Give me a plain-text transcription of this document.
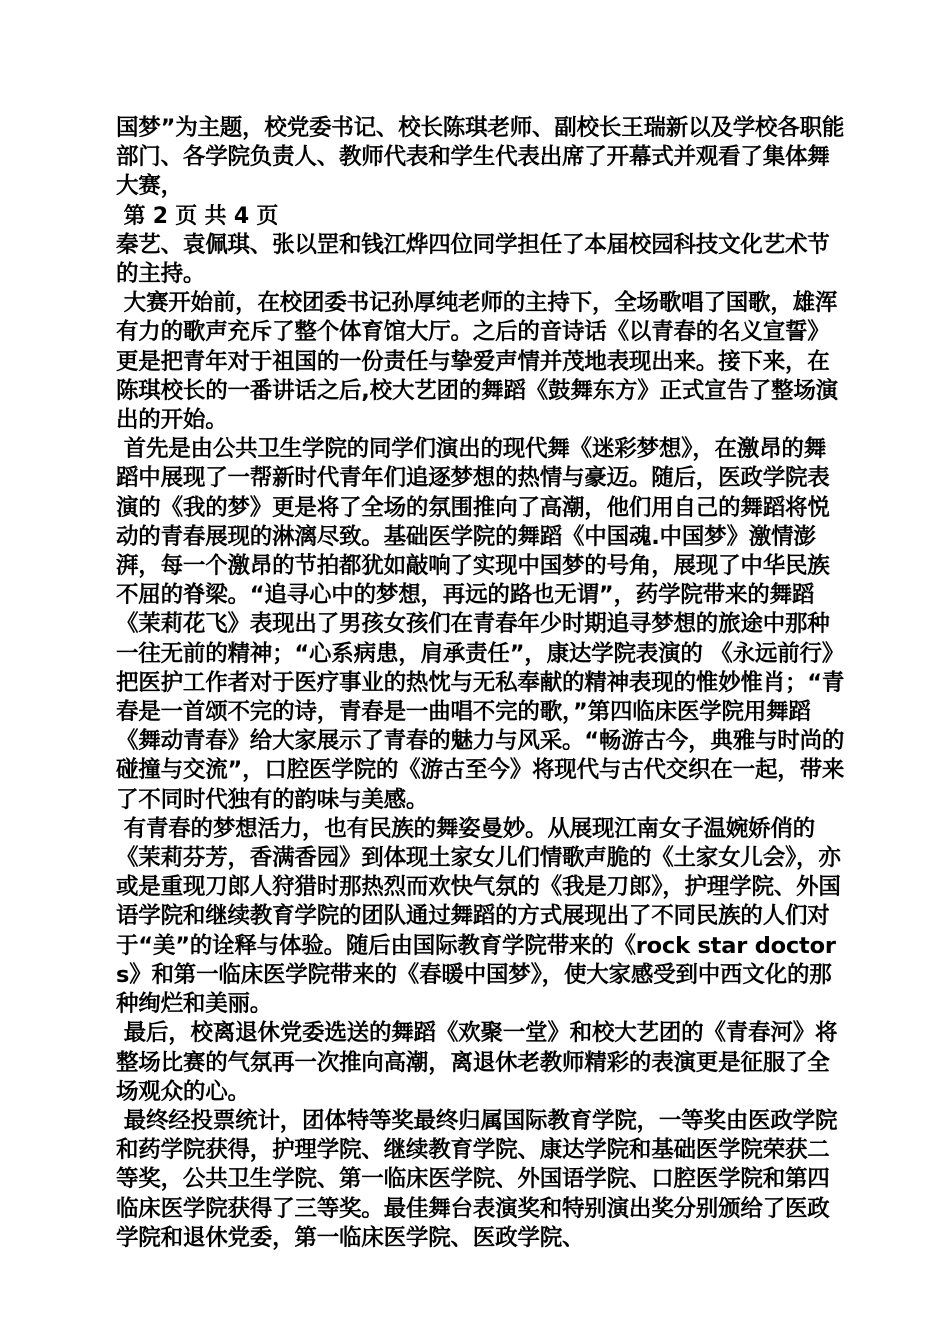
国梦”为主题，校党委书记、校长陈琪老师、副校长王瑞新以及学校各职能部门、各学院负责人、教师代表和学生代表出席了开幕式并观看了集体舞大赛，

第 2 页 共 4 页

秦艺、袁佩琪、张以罡和钱江烨四位同学担任了本届校园科技文化艺术节的主持。

大赛开始前，在校团委书记孙厚纯老师的主持下，全场歌唱了国歌，雄浑有力的歌声充斥了整个体育馆大厅。之后的音诗话《以青春的名义宣誓》更是把青年对于祖国的一份责任与挚爱声情并茂地表现出来。接下来，在陈琪校长的一番讲话之后,校大艺团的舞蹈《鼓舞东方》正式宣告了整场演出的开始。

首先是由公共卫生学院的同学们演出的现代舞《迷彩梦想》，在激昂的舞蹈中展现了一帮新时代青年们追逐梦想的热情与豪迈。随后，医政学院表演的《我的梦》更是将了全场的氛围推向了高潮，他们用自己的舞蹈将悦动的青春展现的淋漓尽致。基础医学院的舞蹈《中国魂.中国梦》激情澎湃，每一个激昂的节拍都犹如敲响了实现中国梦的号角，展现了中华民族不屈的脊梁。“追寻心中的梦想，再远的路也无谓”，药学院带来的舞蹈《茉莉花飞》表现出了男孩女孩们在青春年少时期追寻梦想的旅途中那种一往无前的精神；“心系病患，肩承责任”，康达学院表演的 《永远前行》把医护工作者对于医疗事业的热忱与无私奉献的精神表现的惟妙惟肖；“青春是一首颂不完的诗，青春是一曲唱不完的歌，”第四临床医学院用舞蹈《舞动青春》给大家展示了青春的魅力与风采。“畅游古今，典雅与时尚的碰撞与交流”，口腔医学院的《游古至今》将现代与古代交织在一起，带来了不同时代独有的韵味与美感。

有青春的梦想活力，也有民族的舞姿曼妙。从展现江南女子温婉娇俏的《茉莉芬芳，香满香园》到体现土家女儿们情歌声脆的《土家女儿会》，亦或是重现刀郎人狩猎时那热烈而欢快气氛的《我是刀郎》，护理学院、外国语学院和继续教育学院的团队通过舞蹈的方式展现出了不同民族的人们对于“美”的诠释与体验。随后由国际教育学院带来的《rock star doctors》和第一临床医学院带来的《春暖中国梦》，使大家感受到中西文化的那种绚烂和美丽。

最后，校离退休党委选送的舞蹈《欢聚一堂》和校大艺团的《青春河》将整场比赛的气氛再一次推向高潮，离退休老教师精彩的表演更是征服了全场观众的心。

最终经投票统计，团体特等奖最终归属国际教育学院，一等奖由医政学院和药学院获得，护理学院、继续教育学院、康达学院和基础医学院荣获二等奖，公共卫生学院、第一临床医学院、外国语学院、口腔医学院和第四临床医学院获得了三等奖。最佳舞台表演奖和特别演出奖分别颁给了医政学院和退休党委，第一临床医学院、医政学院、
